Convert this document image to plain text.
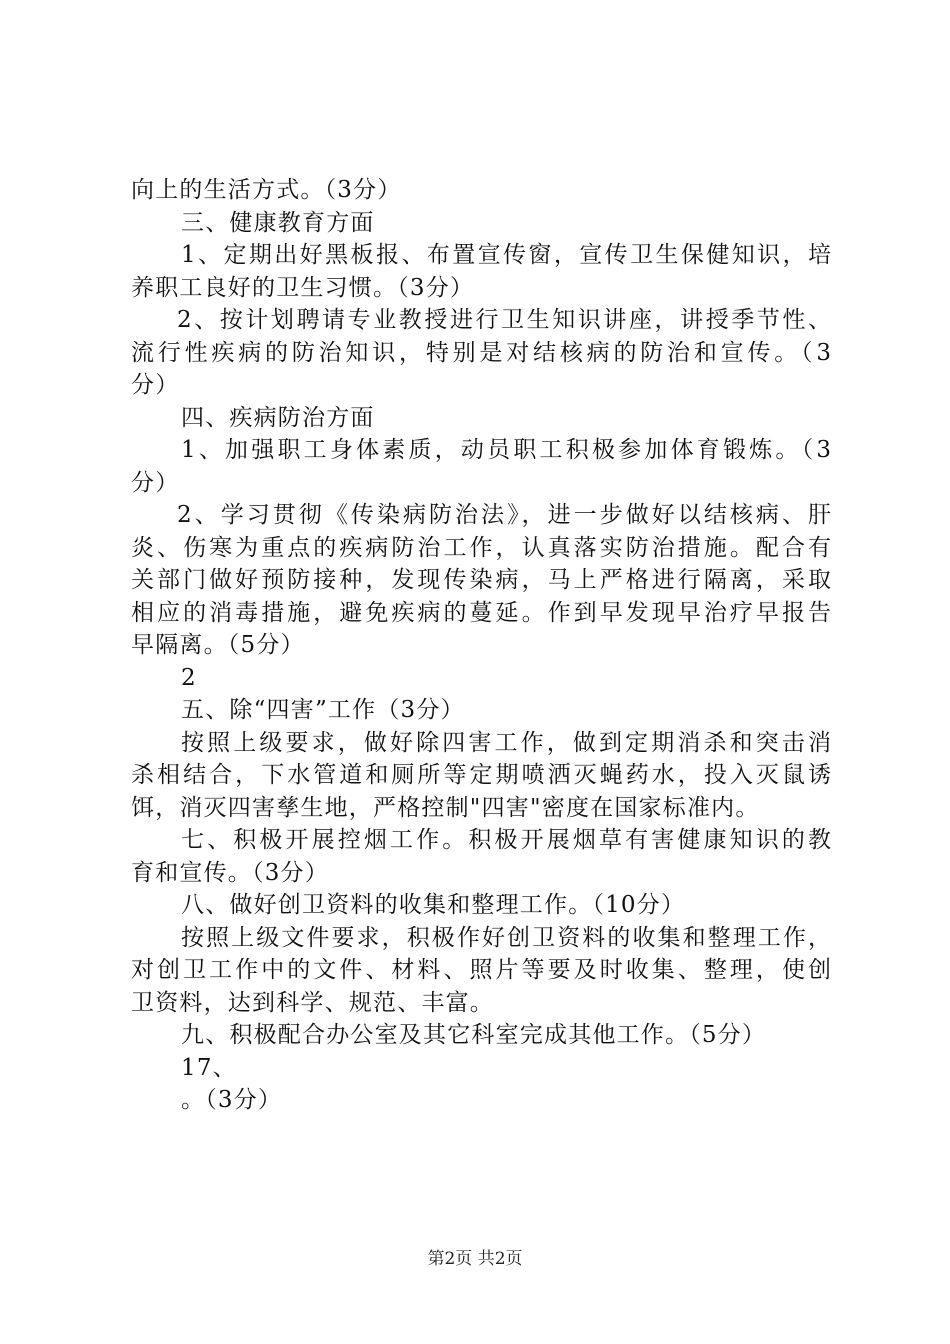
向上的生活方式。（3分）
三、健康教育方面
1、定期出好黑板报、布置宣传窗，宣传卫生保健知识，培
养职工良好的卫生习惯。（3分）
2、按计划聘请专业教授进行卫生知识讲座，讲授季节性、
流行性疾病的防治知识，特别是对结核病的防治和宣传。（3
分）
四、疾病防治方面
1、加强职工身体素质，动员职工积极参加体育锻炼。（3
分）
2、学习贯彻《传染病防治法》，进一步做好以结核病、肝
炎、伤寒为重点的疾病防治工作，认真落实防治措施。配合有
关部门做好预防接种，发现传染病，马上严格进行隔离，采取
相应的消毒措施，避免疾病的蔓延。作到早发现早治疗早报告
早隔离。（5分）
2
五、除“四害”工作（3分）
按照上级要求，做好除四害工作，做到定期消杀和突击消
杀相结合，下水管道和厕所等定期喷洒灭蝇药水，投入灭鼠诱
饵，消灭四害孳生地，严格控制"四害"密度在国家标准内。
七、积极开展控烟工作。积极开展烟草有害健康知识的教
育和宣传。（3分）
八、做好创卫资料的收集和整理工作。（10分）
按照上级文件要求，积极作好创卫资料的收集和整理工作，
对创卫工作中的文件、材料、照片等要及时收集、整理，使创
卫资料，达到科学、规范、丰富。
九、积极配合办公室及其它科室完成其他工作。（5分）
17、
。（3分）
第2页 共2页
